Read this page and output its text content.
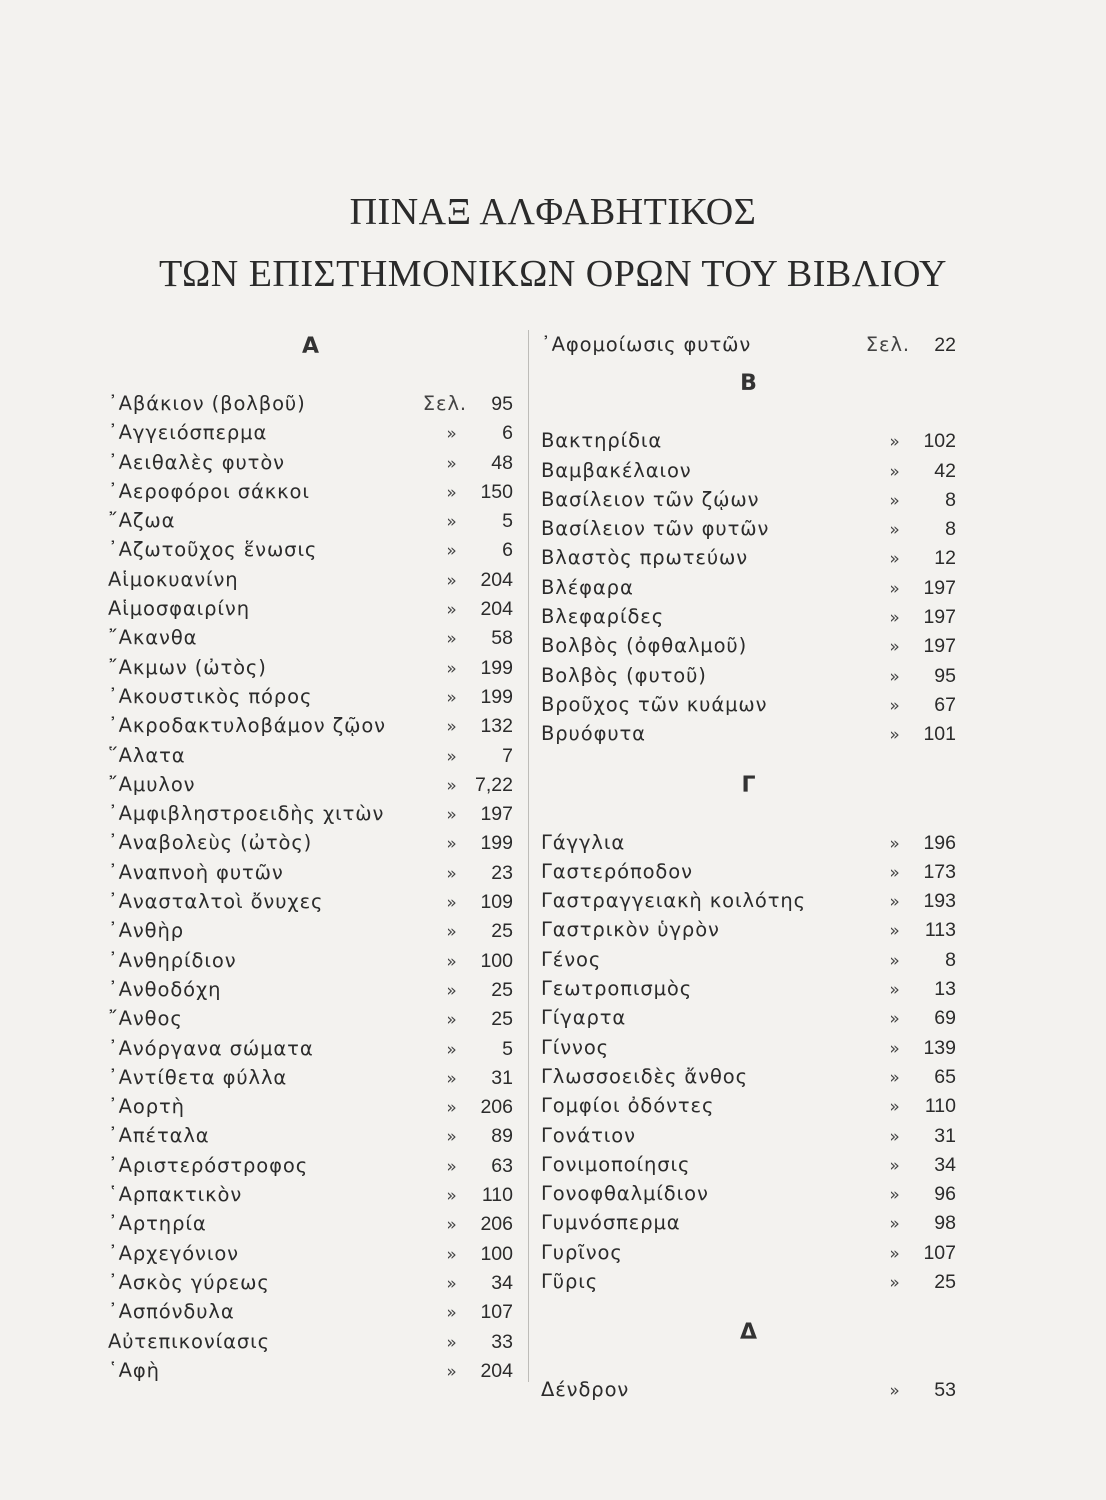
ΠΙΝΑΞ ΑΛΦΑΒΗΤΙΚΟΣ
ΤΩΝ ΕΠΙΣΤΗΜΟΝΙΚΩΝ ΟΡΩΝ ΤΟΥ ΒΙΒΛΙΟΥ
Α
᾿Αβάκιον (βολβοῦ)	Σελ.	95
᾿Αγγειόσπερμα	»	6
᾿Αειθαλὲς φυτὸν	»	48
᾿Αεροφόροι σάκκοι	»	150
῎Αζωα	»	5
᾿Αζωτοῦχος ἕνωσις	»	6
Αἱμοκυανίνη	»	204
Αἱμοσφαιρίνη	»	204
῎Ακανθα	»	58
῎Ακμων (ὠτὸς)	»	199
᾿Ακουστικὸς πόρος	»	199
᾿Ακροδακτυλοβάμον ζῷον	»	132
῞Αλατα	»	7
῎Αμυλον	» 7,22
᾿Αμφιβληστροειδὴς χιτὼν	»	197
᾿Αναβολεὺς (ὠτὸς)	»	199
᾿Αναπνοὴ φυτῶν	»	23
᾿Ανασταλτοὶ ὄνυχες	»	109
᾿Ανθὴρ	»	25
᾿Ανθηρίδιον	»	100
᾿Ανθοδόχη	»	25
῎Ανθος	»	25
᾿Ανόργανα σώματα	»	5
᾿Αντίθετα φύλλα	»	31
᾿Αορτὴ	»	206
᾿Απέταλα	»	89
᾿Αριστερόστροφος	»	63
῾Αρπακτικὸν	»	110
᾿Αρτηρία	»	206
᾿Αρχεγόνιον	»	100
᾿Ασκὸς γύρεως	»	34
᾿Ασπόνδυλα	»	107
Αὐτεπικονίασις	»	33
῾Αφὴ	»	204
᾿Αφομοίωσις φυτῶν	Σελ.	22
Β
Βακτηρίδια	»	102
Βαμβακέλαιον	»	42
Βασίλειον τῶν ζῴων	»	8
Βασίλειον τῶν φυτῶν	»	8
Βλαστὸς πρωτεύων	»	12
Βλέφαρα	»	197
Βλεφαρίδες	»	197
Βολβὸς (ὀφθαλμοῦ)	»	197
Βολβὸς (φυτοῦ)	»	95
Βροῦχος τῶν κυάμων	»	67
Βρυόφυτα	»	101
Γ
Γάγγλια	»	196
Γαστερόποδον	»	173
Γαστραγγειακὴ κοιλότης	»	193
Γαστρικὸν ὑγρὸν	»	113
Γένος	»	8
Γεωτροπισμὸς	»	13
Γίγαρτα	»	69
Γίννος	»	139
Γλωσσοειδὲς ἄνθος	»	65
Γομφίοι ὀδόντες	»	110
Γονάτιον	»	31
Γονιμοποίησις	»	34
Γονοφθαλμίδιον	»	96
Γυμνόσπερμα	»	98
Γυρῖνος	»	107
Γῦρις	»	25
Δ
Δένδρον	»	53
